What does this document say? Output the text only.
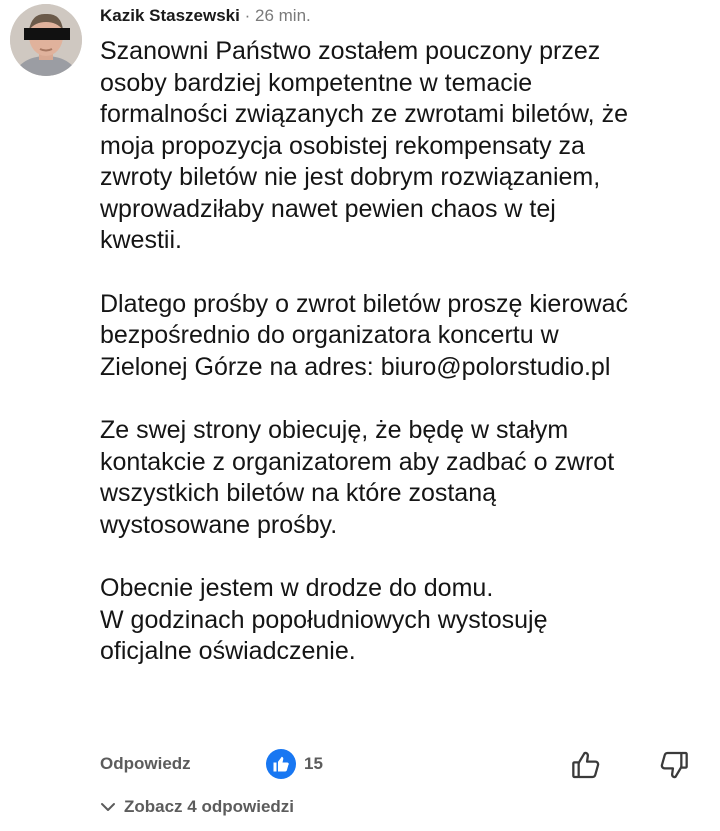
Kazik Staszewski · 26 min.

Szanowni Państwo zostałem pouczony przez
osoby bardziej kompetentne w temacie
formalności związanych ze zwrotami biletów, że
moja propozycja osobistej rekompensaty za
zwroty biletów nie jest dobrym rozwiązaniem,
wprowadziłaby nawet pewien chaos w tej
kwestii.

Dlatego prośby o zwrot biletów proszę kierować
bezpośrednio do organizatora koncertu w
Zielonej Górze na adres: biuro@polorstudio.pl

Ze swej strony obiecuję, że będę w stałym
kontakcie z organizatorem aby zadbać o zwrot
wszystkich biletów na które zostaną
wystosowane prośby.

Obecnie jestem w drodze do domu.
W godzinach popołudniowych wystosuję
oficjalne oświadczenie.

Odpowiedz	15
Zobacz 4 odpowiedzi
